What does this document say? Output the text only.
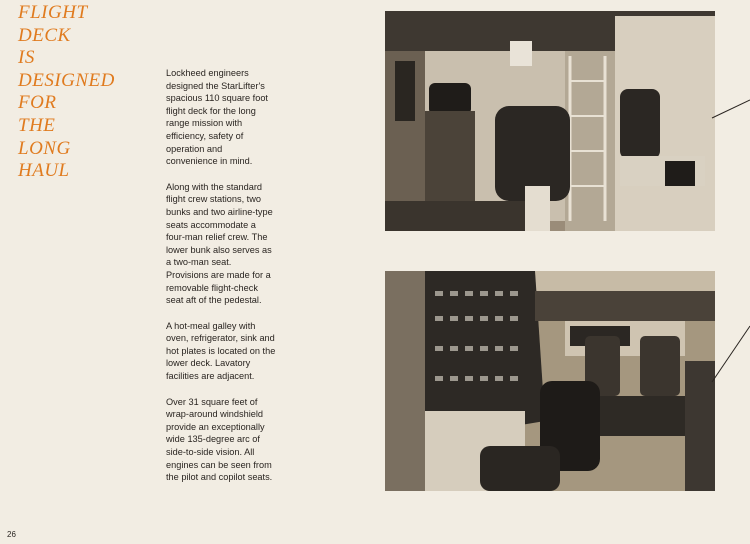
FLIGHT
DECK
IS
DESIGNED
FOR
THE
LONG
HAUL

Lockheed engineers designed the StarLifter's spacious 110 square foot flight deck for the long range mission with efficiency, safety of operation and convenience in mind.

Along with the standard flight crew stations, two bunks and two airline-type seats accommodate a four-man relief crew. The lower bunk also serves as a two-man seat. Provisions are made for a removable flight-check seat aft of the pedestal.

A hot-meal galley with oven, refrigerator, sink and hot plates is located on the lower deck. Lavatory facilities are adjacent.

Over 31 square feet of wrap-around windshield provide an exceptionally wide 135-degree arc of side-to-side vision. All engines can be seen from the pilot and copilot seats.

26
